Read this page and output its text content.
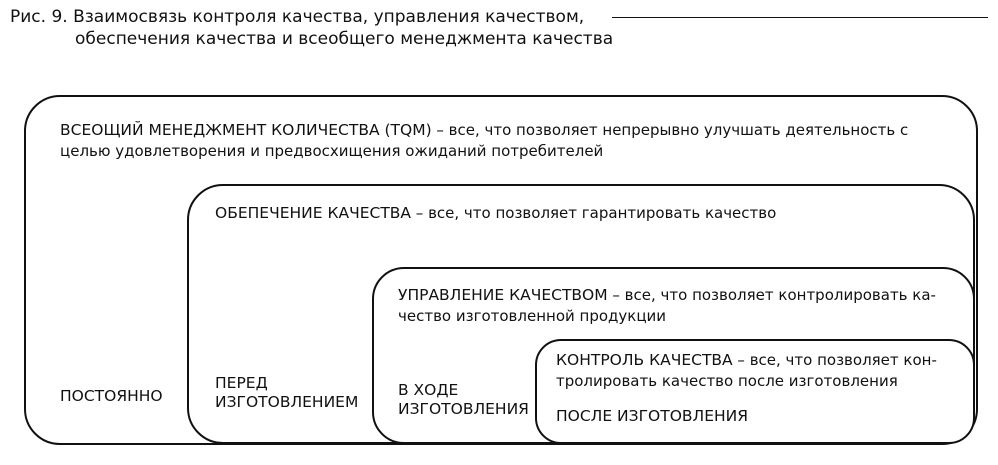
Рис. 9. Взаимосвязь контроля качества, управления качеством,
обеспечения качества и всеобщего менеджмента качества
ВСЕОЩИЙ МЕНЕДЖМЕНТ КОЛИЧЕСТВА (TQM) – все, что позволяет непрерывно улучшать деятельность с
целью удовлетворения и предвосхищения ожиданий потребителей
ПОСТОЯННО
ОБЕПЕЧЕНИЕ КАЧЕСТВА – все, что позволяет гарантировать качество
ПЕРЕД
ИЗГОТОВЛЕНИЕМ
УПРАВЛЕНИЕ КАЧЕСТВОМ – все, что позволяет контролировать ка-
чество изготовленной продукции
В ХОДЕ
ИЗГОТОВЛЕНИЯ
КОНТРОЛЬ КАЧЕСТВА – все, что позволяет кон-
тролировать качество после изготовления
ПОСЛЕ ИЗГОТОВЛЕНИЯ
